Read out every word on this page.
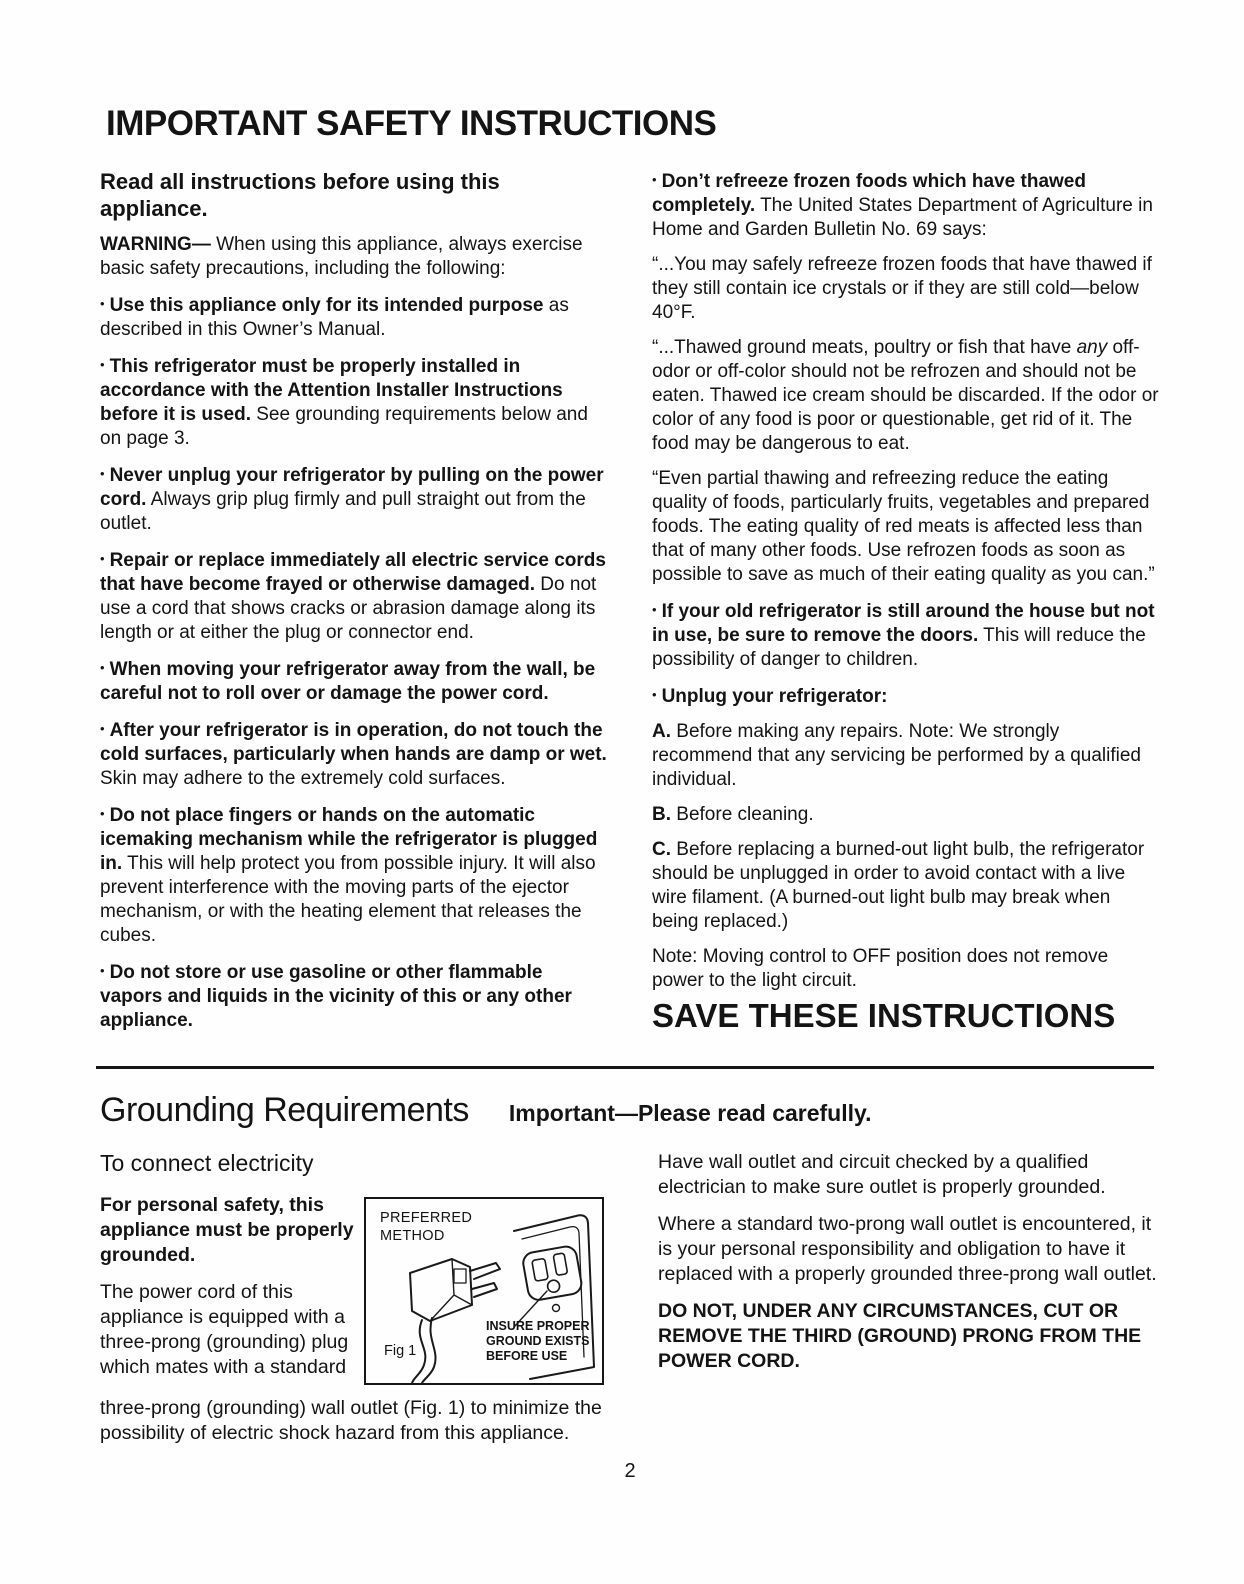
IMPORTANT SAFETY INSTRUCTIONS

Read all instructions before using this appliance.

WARNING— When using this appliance, always exercise basic safety precautions, including the following:

• Use this appliance only for its intended purpose as described in this Owner’s Manual.

• This refrigerator must be properly installed in accordance with the Attention Installer Instructions before it is used. See grounding requirements below and on page 3.

• Never unplug your refrigerator by pulling on the power cord. Always grip plug firmly and pull straight out from the outlet.

• Repair or replace immediately all electric service cords that have become frayed or otherwise damaged. Do not use a cord that shows cracks or abrasion damage along its length or at either the plug or connector end.

• When moving your refrigerator away from the wall, be careful not to roll over or damage the power cord.

• After your refrigerator is in operation, do not touch the cold surfaces, particularly when hands are damp or wet. Skin may adhere to the extremely cold surfaces.

• Do not place fingers or hands on the automatic icemaking mechanism while the refrigerator is plugged in. This will help protect you from possible injury. It will also prevent interference with the moving parts of the ejector mechanism, or with the heating element that releases the cubes.

• Do not store or use gasoline or other flammable vapors and liquids in the vicinity of this or any other appliance.

• Don’t refreeze frozen foods which have thawed completely. The United States Department of Agriculture in Home and Garden Bulletin No. 69 says:

“...You may safely refreeze frozen foods that have thawed if they still contain ice crystals or if they are still cold—below 40°F.

“...Thawed ground meats, poultry or fish that have any off-odor or off-color should not be refrozen and should not be eaten. Thawed ice cream should be discarded. If the odor or color of any food is poor or questionable, get rid of it. The food may be dangerous to eat.

“Even partial thawing and refreezing reduce the eating quality of foods, particularly fruits, vegetables and prepared foods. The eating quality of red meats is affected less than that of many other foods. Use refrozen foods as soon as possible to save as much of their eating quality as you can.”

• If your old refrigerator is still around the house but not in use, be sure to remove the doors. This will reduce the possibility of danger to children.

• Unplug your refrigerator:

A. Before making any repairs. Note: We strongly recommend that any servicing be performed by a qualified individual.

B. Before cleaning.

C. Before replacing a burned-out light bulb, the refrigerator should be unplugged in order to avoid contact with a live wire filament. (A burned-out light bulb may break when being replaced.)

Note: Moving control to OFF position does not remove power to the light circuit.

SAVE THESE INSTRUCTIONS

Grounding Requirements Important—Please read carefully.
To connect electricity

For personal safety, this appliance must be properly grounded.

The power cord of this appliance is equipped with a three-prong (grounding) plug which mates with a standard

PREFERRED METHOD
INSURE PROPER GROUND EXISTS BEFORE USE
Fig 1

three-prong (grounding) wall outlet (Fig. 1) to minimize the possibility of electric shock hazard from this appliance.

Have wall outlet and circuit checked by a qualified electrician to make sure outlet is properly grounded.

Where a standard two-prong wall outlet is encountered, it is your personal responsibility and obligation to have it replaced with a properly grounded three-prong wall outlet.

DO NOT, UNDER ANY CIRCUMSTANCES, CUT OR REMOVE THE THIRD (GROUND) PRONG FROM THE POWER CORD.

2
